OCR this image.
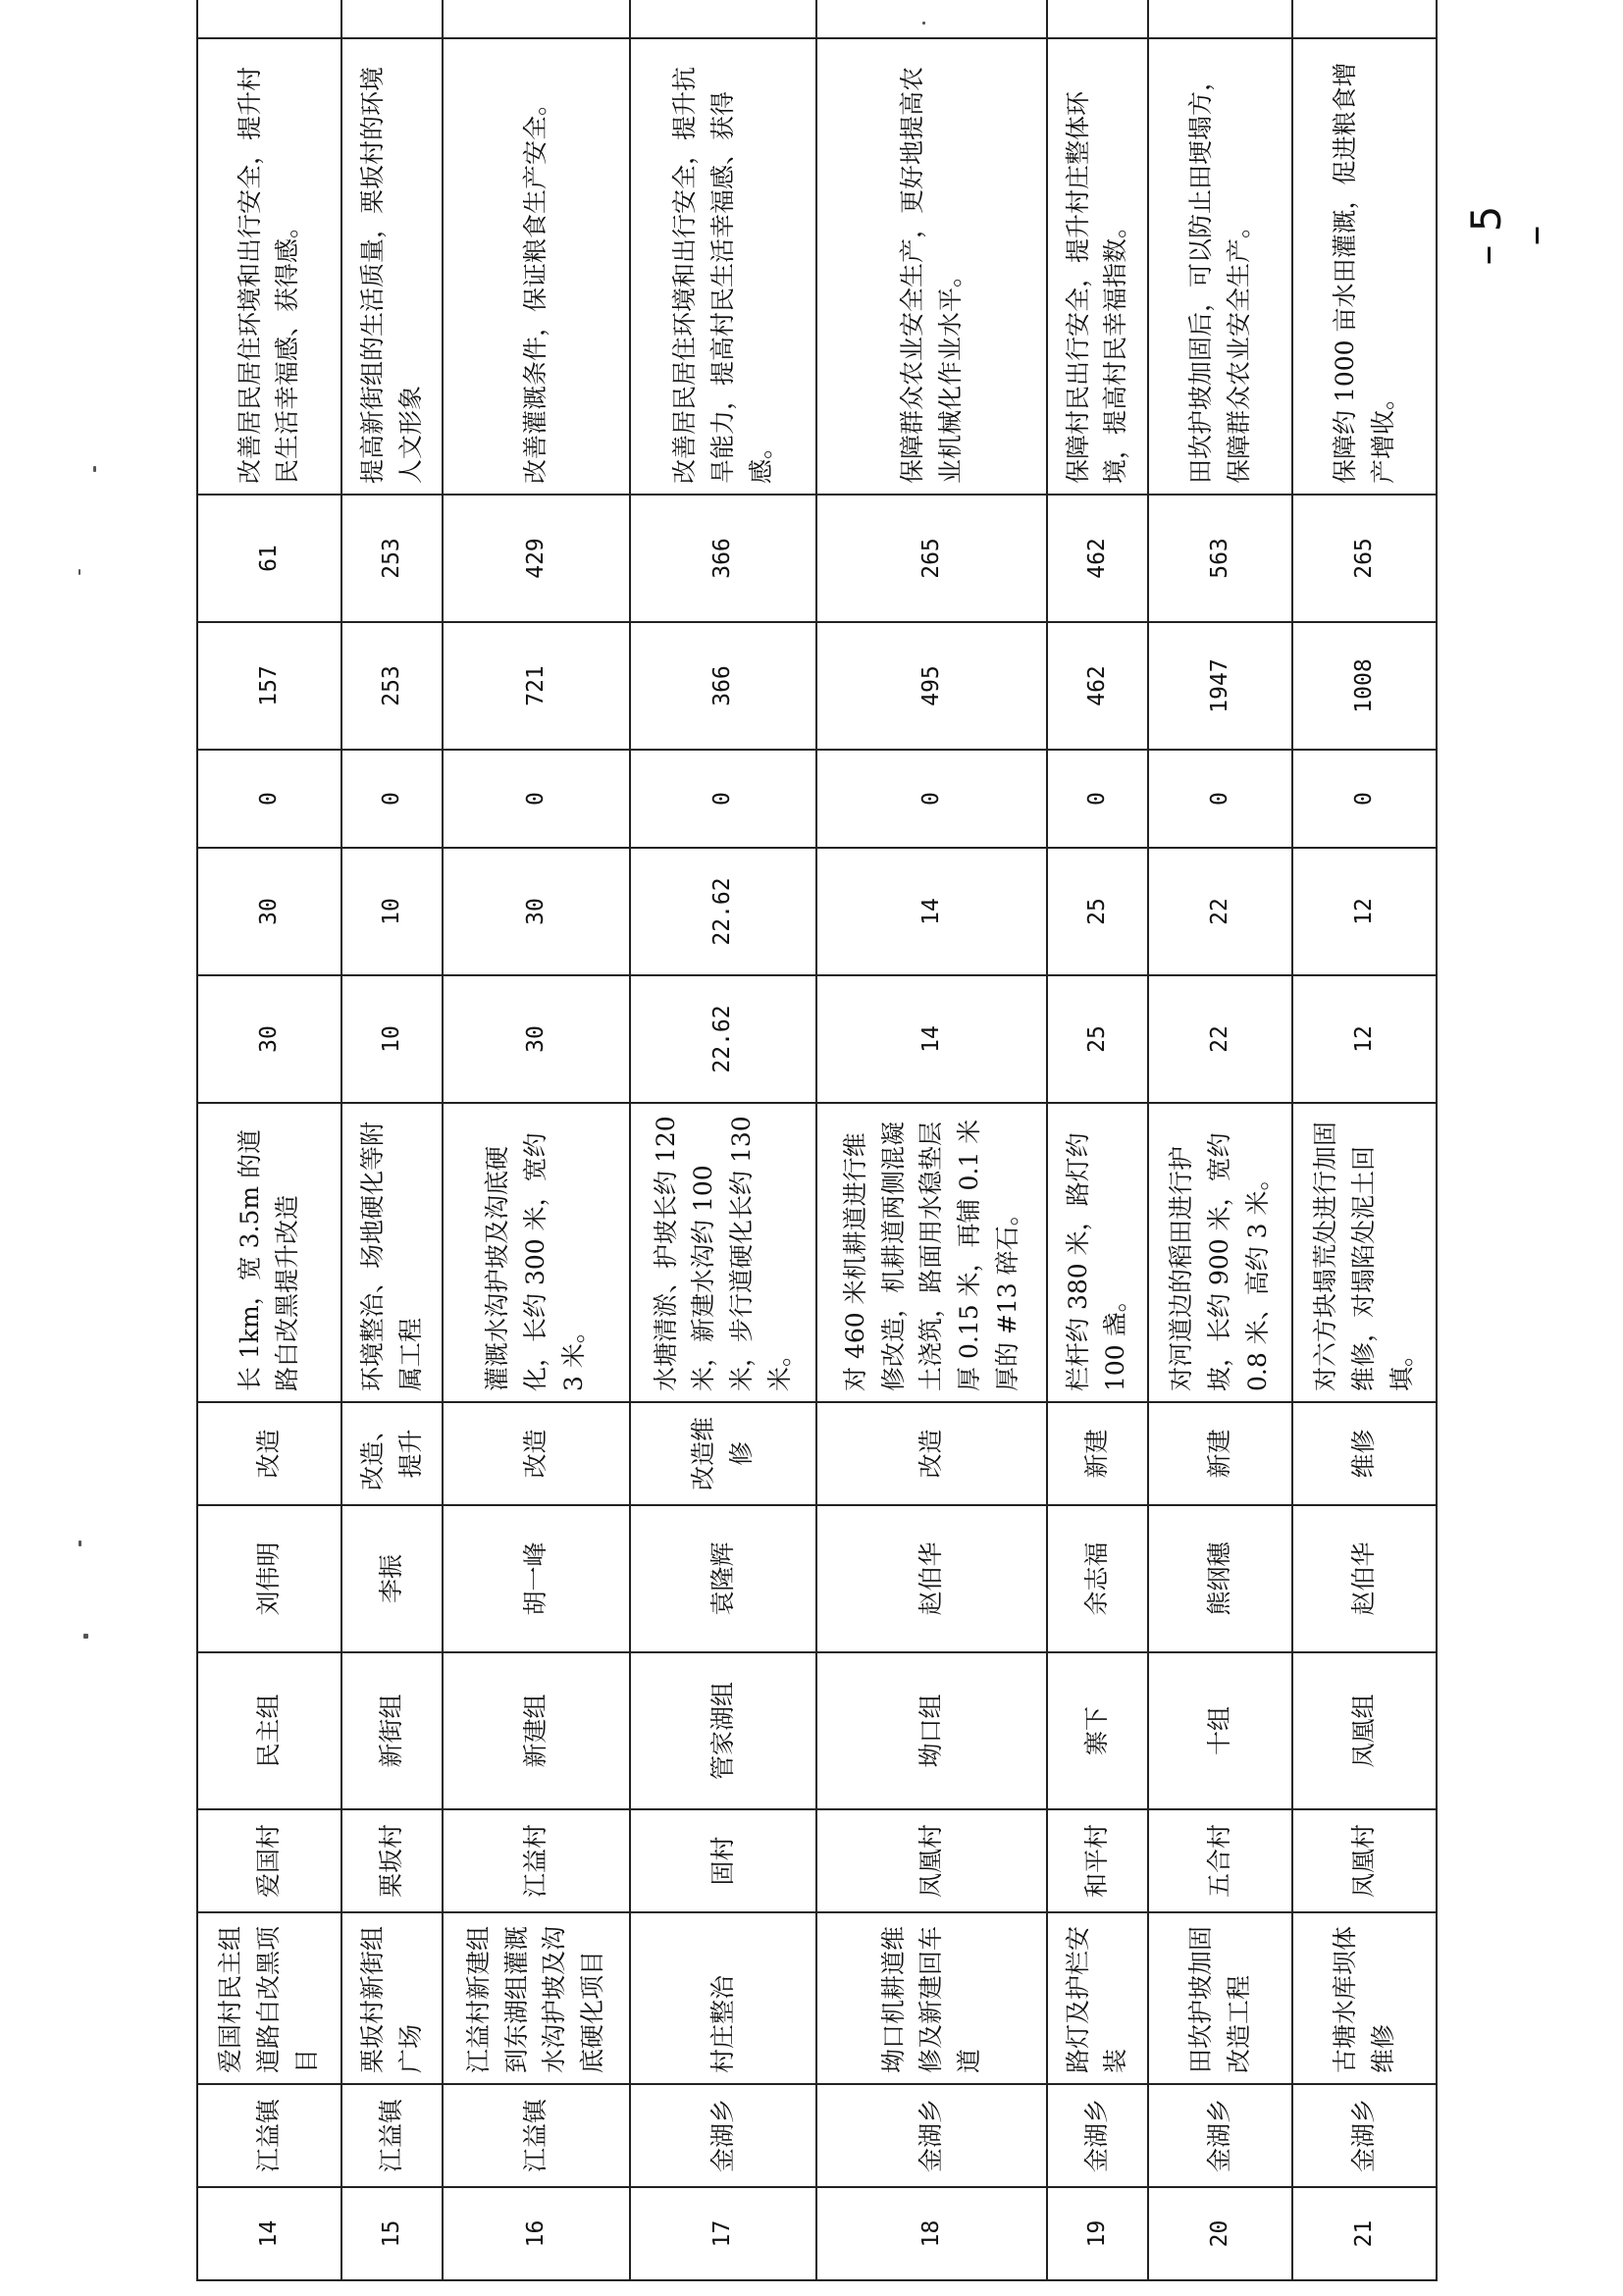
14	江益镇	爱国村民主组道路白改黑项目	爱国村	民主组	刘伟明	改造	长 1km，宽 3.5m 的道路白改黑提升改造	30	30	0	157	61	改善居民居住环境和出行安全，提升村民生活幸福感、获得感。	
15	江益镇	栗坂村新街组广场	栗坂村	新街组	李振	改造、提升	环境整治、场地硬化等附属工程	10	10	0	253	253	提高新街组的生活质量，栗坂村的环境人文形象	
16	江益镇	江益村新建组到东湖组灌溉水沟护坡及沟底硬化项目	江益村	新建组	胡一峰	改造	灌溉水沟护坡及沟底硬化，长约 300 米，宽约 3 米。	30	30	0	721	429	改善灌溉条件，保证粮食生产安全。	
17	金湖乡	村庄整治	固村	管家湖组	袁隆辉	改造维修	水塘清淤、护坡长约 120 米，新建水沟约 100 米，步行道硬化长约 130 米。	22.62	22.62	0	366	366	改善居民居住环境和出行安全，提升抗旱能力，提高村民生活幸福感、获得感。	
18	金湖乡	坳口机耕道维修及新建回车道	凤凰村	坳口组	赵伯华	改造	对 460 米机耕道进行维修改造，机耕道两侧混凝土浇筑，路面用水稳垫层厚 0.15 米，再铺 0.1 米厚的 #13 碎石。	14	14	0	495	265	保障群众农业安全生产，更好地提高农业机械化作业水平。	
19	金湖乡	路灯及护栏安装	和平村	寨下	余志福	新建	栏杆约 380 米，路灯约 100 盏。	25	25	0	462	462	保障村民出行安全，提升村庄整体环境，提高村民幸福指数。	
20	金湖乡	田坎护坡加固改造工程	五合村	十组	熊纲穗	新建	对河道边的稻田进行护坡，长约 900 米，宽约 0.8 米、高约 3 米。	22	22	0	1947	563	田坎护坡加固后，可以防止田埂塌方，保障群众农业安全生产。	
21	金湖乡	古塘水库坝体维修	凤凰村	凤凰组	赵伯华	维修	对六方块塌荒处进行加固维修，对塌陷处泥土回填。	12	12	0	1008	265	保障约 1000 亩水田灌溉，促进粮食增产增收。	
– 5 –
